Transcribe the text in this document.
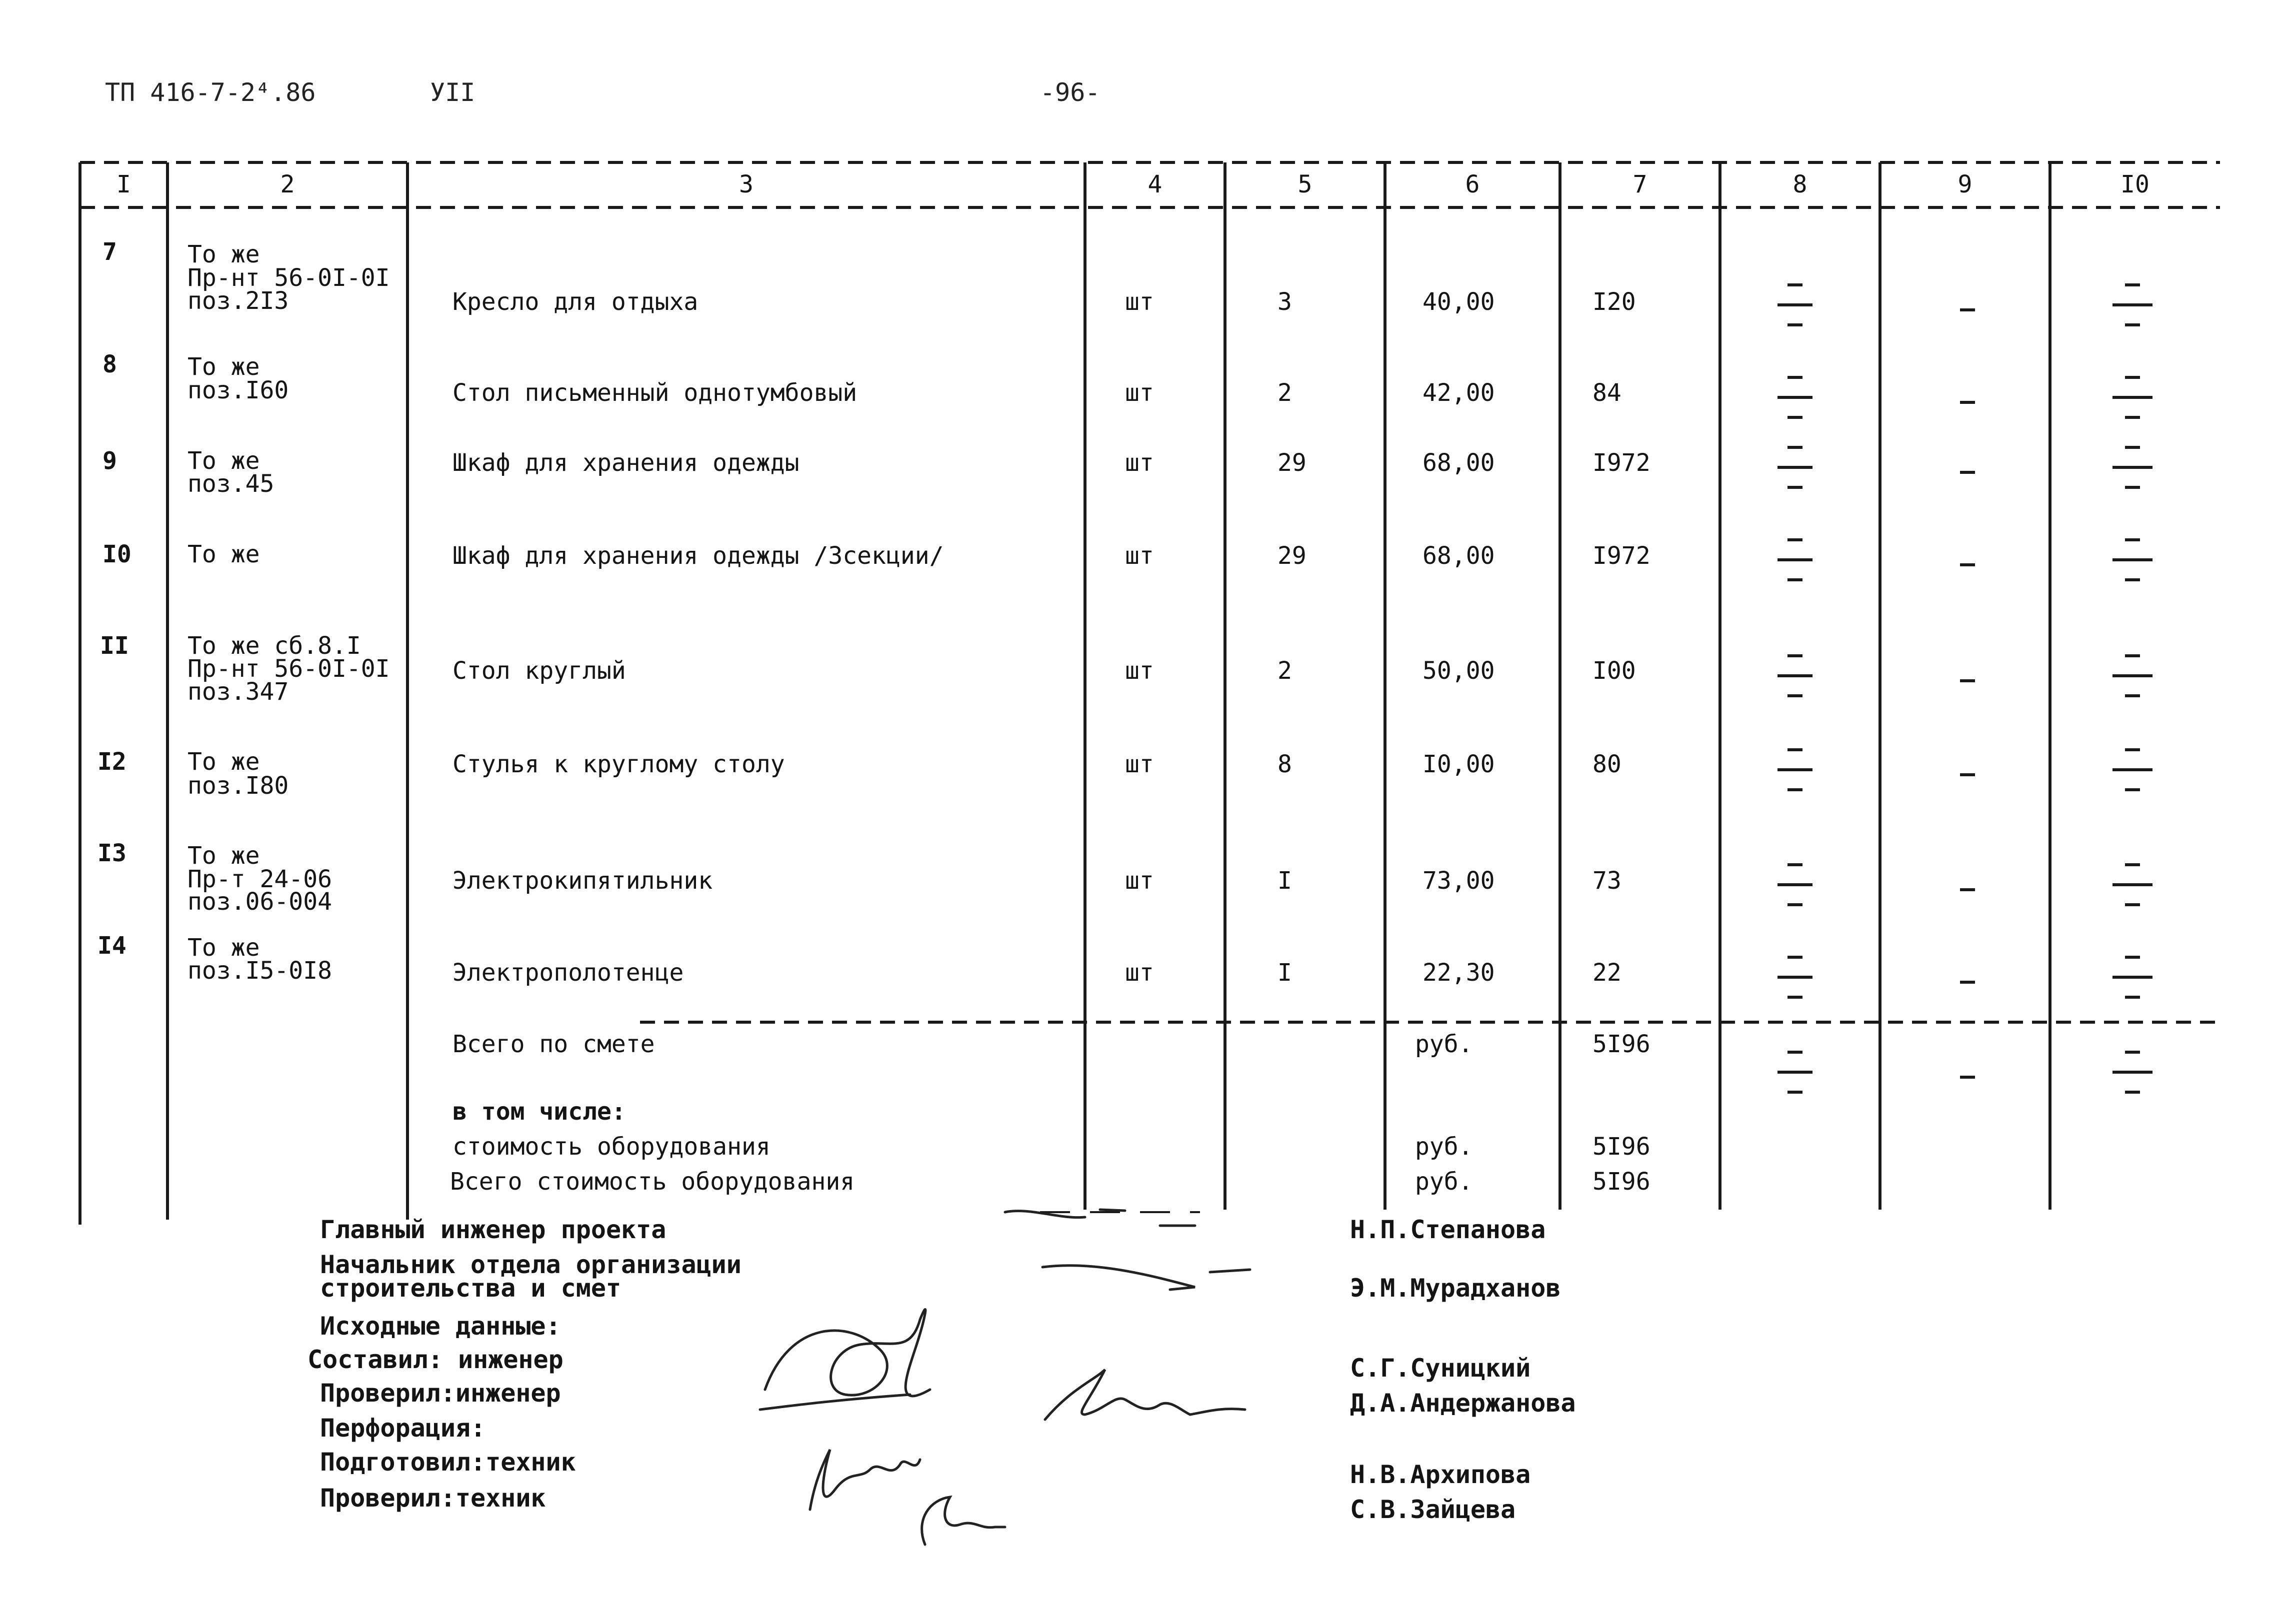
ТП 416-7-2⁴.86	УII	-96-
I	2	3	4	5	6	7	8	9	I0
7	То же
Пр-нт 56-0I-0I
поз.2I3	Кресло для отдыха	шт	3	40,00	I20
8	То же
поз.I60	Стол письменный однотумбовый	шт	2	42,00	84
9	То же
поз.45
Шкаф для хранения одежды	шт	29	68,00	I972
I0 То же	Шкаф для хранения одежды /3секции/	шт	29	68,00	I972
II То же сб.8.I
Пр-нт 56-0I-0I
поз.347
Стол круглый	шт	2	50,00	I00
I2	То же
поз.I80
Стулья к круглому столу	шт	8	I0,00	80
I3	То же
Пр-т 24-06
поз.06-004
Электрокипятильник	шт	I	73,00	73
I4	То же
поз.I5-0I8	Электрополотенце	шт	I	22,30	22
Всего по смете	руб.	5I96
в том числе:
стоимость оборудования	руб.	5I96
Всего стоимость оборудования	руб.	5I96
Главный инженер проекта
Начальник отдела организации
строительства и смет
Исходные данные:
Составил: инженер
Проверил:инженер
Перфорация:
Подготовил:техник
Проверил:техник
Н.П.Степанова
Э.М.Мурадханов
С.Г.Суницкий
Д.А.Андержанова
Н.В.Архипова
С.В.Зайцева
